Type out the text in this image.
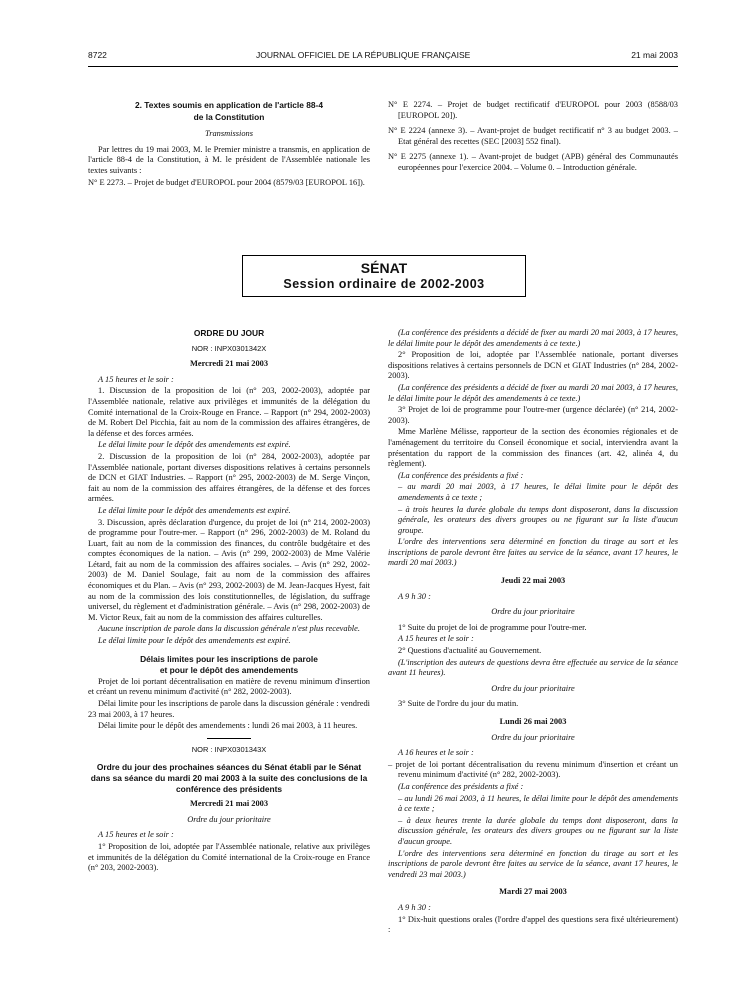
8722	JOURNAL OFFICIEL DE LA RÉPUBLIQUE FRANÇAISE	21 mai 2003

2. Textes soumis en application de l'article 88-4

de la Constitution

Transmissions

Par lettres du 19 mai 2003, M. le Premier ministre a transmis, en application de l'article 88-4 de la Constitution, à M. le président de l'Assemblée nationale les textes suivants :

N° E 2273. – Projet de budget d'EUROPOL pour 2004 (8579/03 [EUROPOL 16]).

N° E 2274. – Projet de budget rectificatif d'EUROPOL pour 2003 (8588/03 [EUROPOL 20]).

N° E 2224 (annexe 3). – Avant-projet de budget rectificatif n° 3 au budget 2003. – Etat général des recettes (SEC [2003] 552 final).

N° E 2275 (annexe 1). – Avant-projet de budget (APB) général des Communautés européennes pour l'exercice 2004. – Volume 0. – Introduction générale.

SÉNAT
Session ordinaire de 2002-2003

ORDRE DU JOUR

NOR : INPX0301342X

Mercredi 21 mai 2003

A 15 heures et le soir :

1. Discussion de la proposition de loi (n° 203, 2002-2003), adoptée par l'Assemblée nationale, relative aux privilèges et immunités de la délégation du Comité international de la Croix-Rouge en France. – Rapport (n° 294, 2002-2003) de M. Robert Del Picchia, fait au nom de la commission des affaires étrangères, de la défense et des forces armées.

Le délai limite pour le dépôt des amendements est expiré.

2. Discussion de la proposition de loi (n° 284, 2002-2003), adoptée par l'Assemblée nationale, portant diverses dispositions relatives à certains personnels de DCN et GIAT Industries. – Rapport (n° 295, 2002-2003) de M. Serge Vinçon, fait au nom de la commission des affaires étrangères, de la défense et des forces armées.

Le délai limite pour le dépôt des amendements est expiré.

3. Discussion, après déclaration d'urgence, du projet de loi (n° 214, 2002-2003) de programme pour l'outre-mer. – Rapport (n° 296, 2002-2003) de M. Roland du Luart, fait au nom de la commission des finances, du contrôle budgétaire et des comptes économiques de la nation. – Avis (n° 299, 2002-2003) de Mme Valérie Létard, fait au nom de la commission des affaires sociales. – Avis (n° 292, 2002-2003) de M. Daniel Soulage, fait au nom de la commission des affaires économiques et du Plan. – Avis (n° 293, 2002-2003) de M. Jean-Jacques Hyest, fait au nom de la commission des lois constitutionnelles, de législation, du suffrage universel, du règlement et d'administration générale. – Avis (n° 298, 2002-2003) de M. Victor Reux, fait au nom de la commission des affaires culturelles.

Aucune inscription de parole dans la discussion générale n'est plus recevable.

Le délai limite pour le dépôt des amendements est expiré.

Délais limites pour les inscriptions de parole

et pour le dépôt des amendements

Projet de loi portant décentralisation en matière de revenu minimum d'insertion et créant un revenu minimum d'activité (n° 282, 2002-2003).

Délai limite pour les inscriptions de parole dans la discussion générale : vendredi 23 mai 2003, à 17 heures.

Délai limite pour le dépôt des amendements : lundi 26 mai 2003, à 11 heures.

NOR : INPX0301343X

Ordre du jour des prochaines séances du Sénat établi par le Sénat dans sa séance du mardi 20 mai 2003 à la suite des conclusions de la conférence des présidents

Mercredi 21 mai 2003

Ordre du jour prioritaire

A 15 heures et le soir :

1° Proposition de loi, adoptée par l'Assemblée nationale, relative aux privilèges et immunités de la délégation du Comité international de la Croix-rouge en France (n° 203, 2002-2003).

(La conférence des présidents a décidé de fixer au mardi 20 mai 2003, à 17 heures, le délai limite pour le dépôt des amendements à ce texte.)

2° Proposition de loi, adoptée par l'Assemblée nationale, portant diverses dispositions relatives à certains personnels de DCN et GIAT Industries (n° 284, 2002-2003).

(La conférence des présidents a décidé de fixer au mardi 20 mai 2003, à 17 heures, le délai limite pour le dépôt des amendements à ce texte.)

3° Projet de loi de programme pour l'outre-mer (urgence déclarée) (n° 214, 2002-2003).

Mme Marlène Mélisse, rapporteur de la section des économies régionales et de l'aménagement du territoire du Conseil économique et social, interviendra avant la présentation du rapport de la commission des finances (art. 42, alinéa 4, du règlement).

(La conférence des présidents a fixé :

– au mardi 20 mai 2003, à 17 heures, le délai limite pour le dépôt des amendements à ce texte ;

– à trois heures la durée globale du temps dont disposeront, dans la discussion générale, les orateurs des divers groupes ou ne figurant sur la liste d'aucun groupe.

L'ordre des interventions sera déterminé en fonction du tirage au sort et les inscriptions de parole devront être faites au service de la séance, avant 17 heures, le mardi 20 mai 2003.)

Jeudi 22 mai 2003

A 9 h 30 :

Ordre du jour prioritaire

1° Suite du projet de loi de programme pour l'outre-mer.

A 15 heures et le soir :

2° Questions d'actualité au Gouvernement.

(L'inscription des auteurs de questions devra être effectuée au service de la séance avant 11 heures).

Ordre du jour prioritaire

3° Suite de l'ordre du jour du matin.

Lundi 26 mai 2003

Ordre du jour prioritaire

A 16 heures et le soir :

– projet de loi portant décentralisation du revenu minimum d'insertion et créant un revenu minimum d'activité (n° 282, 2002-2003).

(La conférence des présidents a fixé :

– au lundi 26 mai 2003, à 11 heures, le délai limite pour le dépôt des amendements à ce texte ;

– à deux heures trente la durée globale du temps dont disposeront, dans la discussion générale, les orateurs des divers groupes ou ne figurant sur la liste d'aucun groupe.

L'ordre des interventions sera déterminé en fonction du tirage au sort et les inscriptions de parole devront être faites au service de la séance, avant 17 heures, le vendredi 23 mai 2003.)

Mardi 27 mai 2003

A 9 h 30 :

1° Dix-huit questions orales (l'ordre d'appel des questions sera fixé ultérieurement) :
